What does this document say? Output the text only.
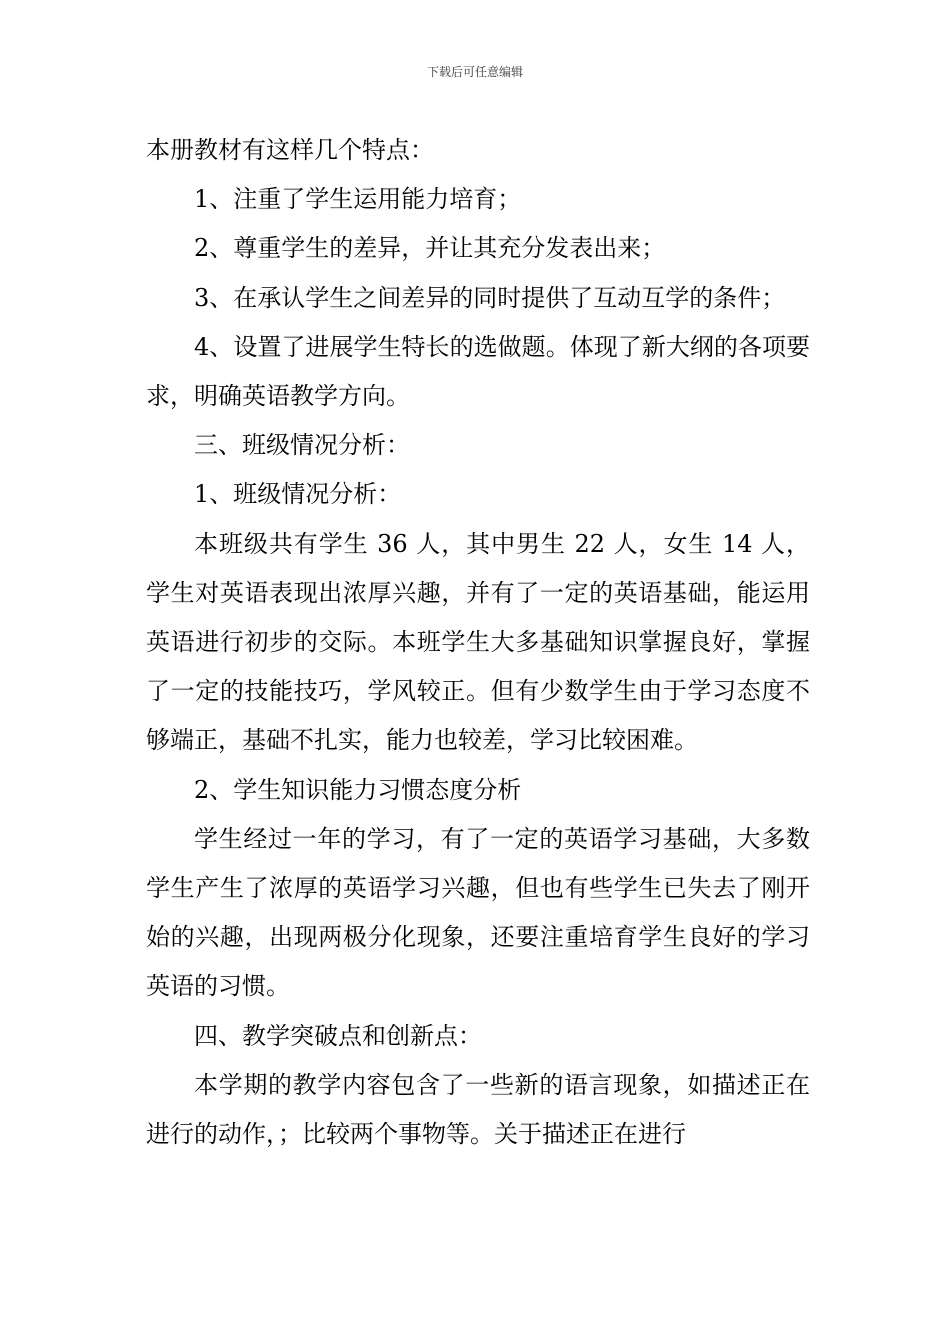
下载后可任意编辑

本册教材有这样几个特点：

1、注重了学生运用能力培育；

2、尊重学生的差异，并让其充分发表出来；

3、在承认学生之间差异的同时提供了互动互学的条件；

4、设置了进展学生特长的选做题。体现了新大纲的各项要求，明确英语教学方向。

三、班级情况分析：

1、班级情况分析：

本班级共有学生 36 人，其中男生 22 人，女生 14 人，学生对英语表现出浓厚兴趣，并有了一定的英语基础，能运用英语进行初步的交际。本班学生大多基础知识掌握良好，掌握了一定的技能技巧，学风较正。但有少数学生由于学习态度不够端正，基础不扎实，能力也较差，学习比较困难。

2、学生知识能力习惯态度分析

学生经过一年的学习，有了一定的英语学习基础，大多数学生产生了浓厚的英语学习兴趣，但也有些学生已失去了刚开始的兴趣，出现两极分化现象，还要注重培育学生良好的学习英语的习惯。

四、教学突破点和创新点：

本学期的教学内容包含了一些新的语言现象，如描述正在进行的动作，；比较两个事物等。关于描述正在进行
